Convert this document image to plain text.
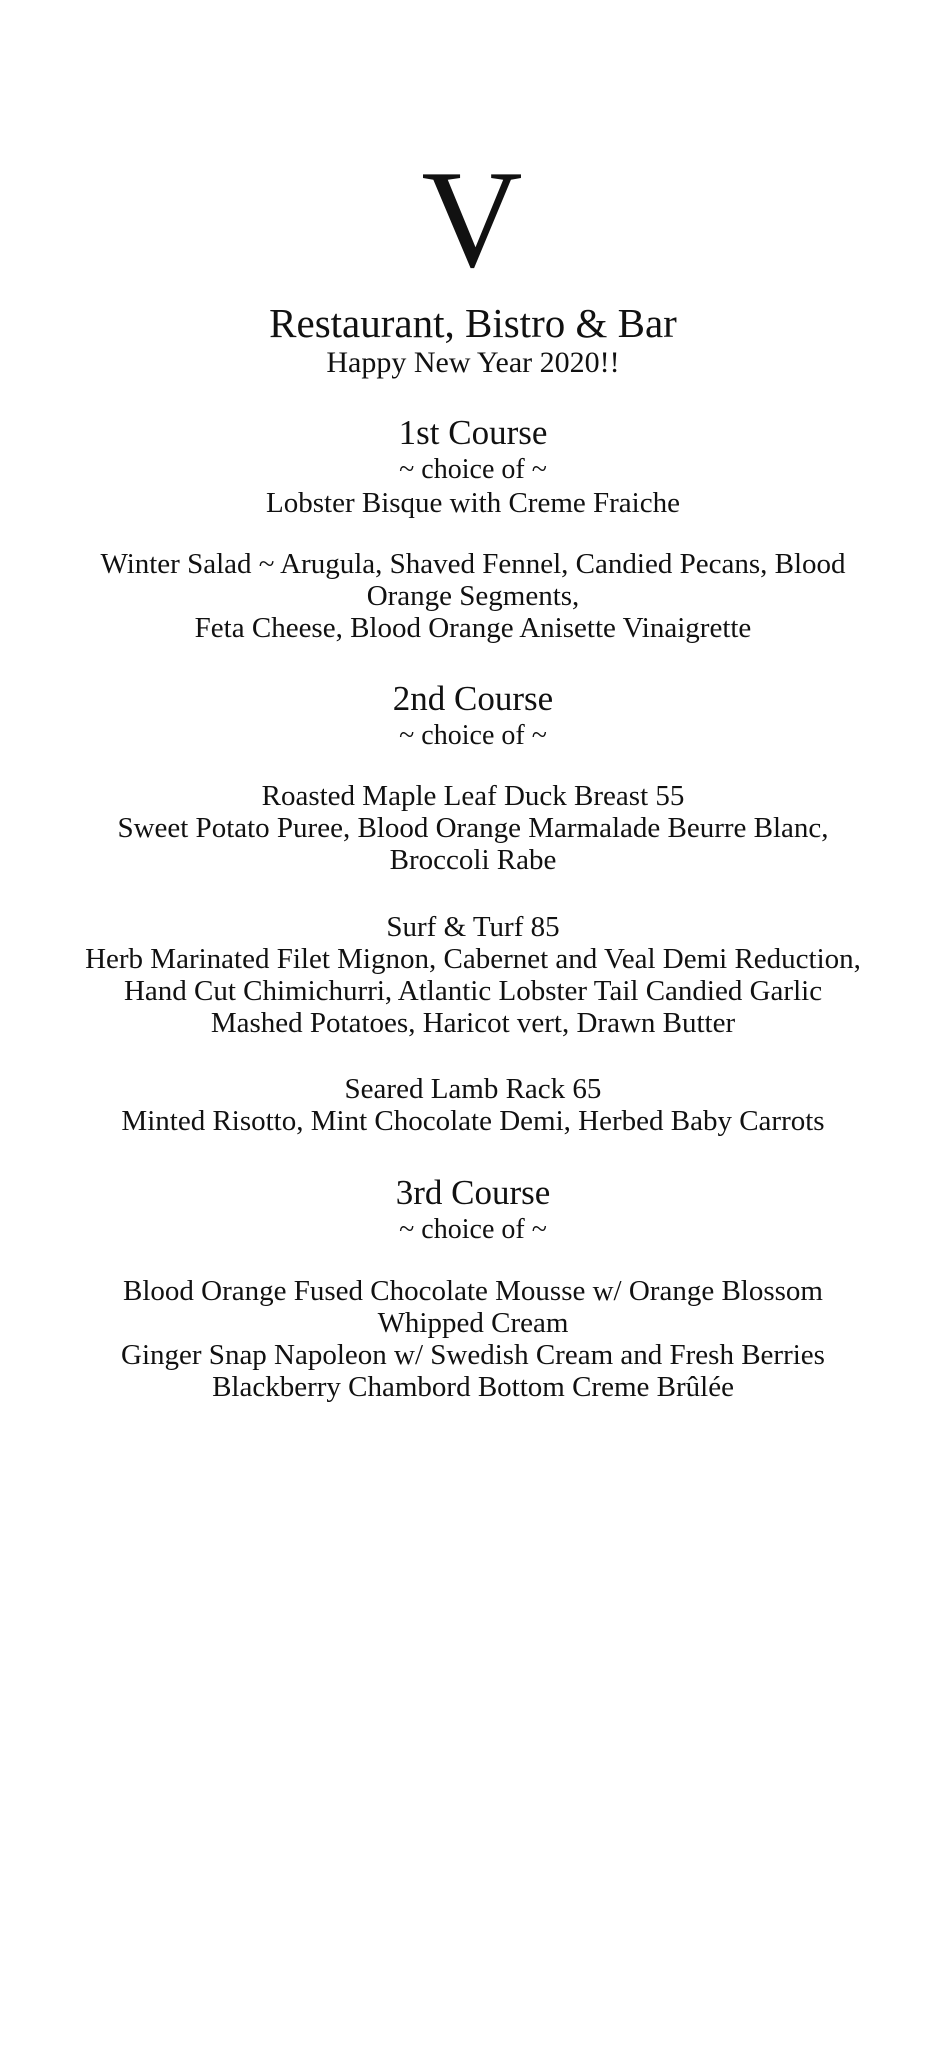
V
Restaurant, Bistro & Bar
Happy New Year 2020!!
1st Course
~ choice of ~
Lobster Bisque with Creme Fraiche
Winter Salad ~ Arugula, Shaved Fennel, Candied Pecans, Blood
Orange Segments,
Feta Cheese, Blood Orange Anisette Vinaigrette
2nd Course
~ choice of ~
Roasted Maple Leaf Duck Breast 55
Sweet Potato Puree, Blood Orange Marmalade Beurre Blanc,
Broccoli Rabe
Surf & Turf 85
Herb Marinated Filet Mignon, Cabernet and Veal Demi Reduction,
Hand Cut Chimichurri, Atlantic Lobster Tail Candied Garlic
Mashed Potatoes, Haricot vert, Drawn Butter
Seared Lamb Rack 65
Minted Risotto, Mint Chocolate Demi, Herbed Baby Carrots
3rd Course
~ choice of ~
Blood Orange Fused Chocolate Mousse w/ Orange Blossom
Whipped Cream
Ginger Snap Napoleon w/ Swedish Cream and Fresh Berries
Blackberry Chambord Bottom Creme Brûlée
